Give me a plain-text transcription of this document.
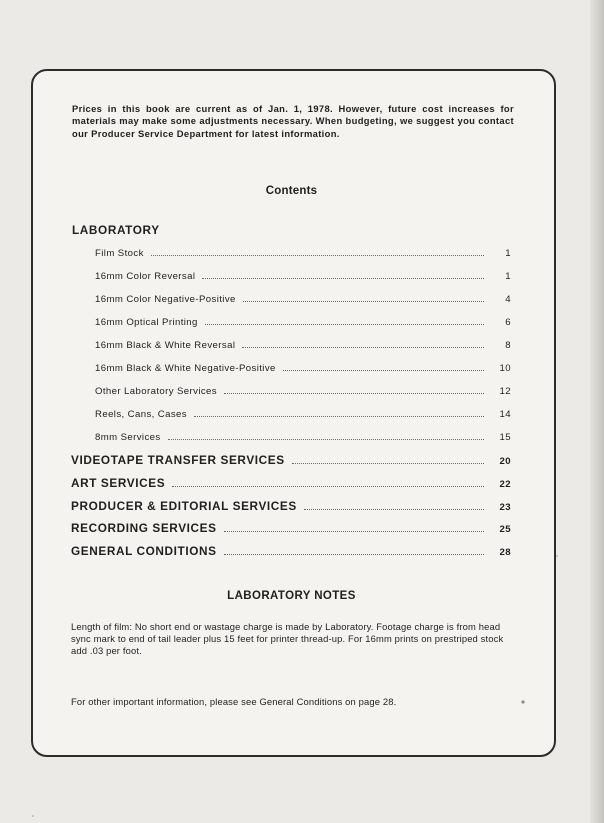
Prices in this book are current as of Jan. 1, 1978. However, future cost increases for materials may make some adjustments necessary. When budgeting, we suggest you contact our Producer Service Department for latest information.

Contents
LABORATORY
Film Stock	1
16mm Color Reversal	1
16mm Color Negative-Positive	4
16mm Optical Printing	6
16mm Black & White Reversal	8
16mm Black & White Negative-Positive	10
Other Laboratory Services	12
Reels, Cans, Cases	14
8mm Services	15
VIDEOTAPE TRANSFER SERVICES	20
ART SERVICES	22
PRODUCER & EDITORIAL SERVICES	23
RECORDING SERVICES	25
GENERAL CONDITIONS	28
LABORATORY NOTES

Length of film: No short end or wastage charge is made by Laboratory. Footage charge is from head sync mark to end of tail leader plus 15 feet for printer thread-up. For 16mm prints on prestriped stock add .03 per foot.

For other important information, please see General Conditions on page 28.
